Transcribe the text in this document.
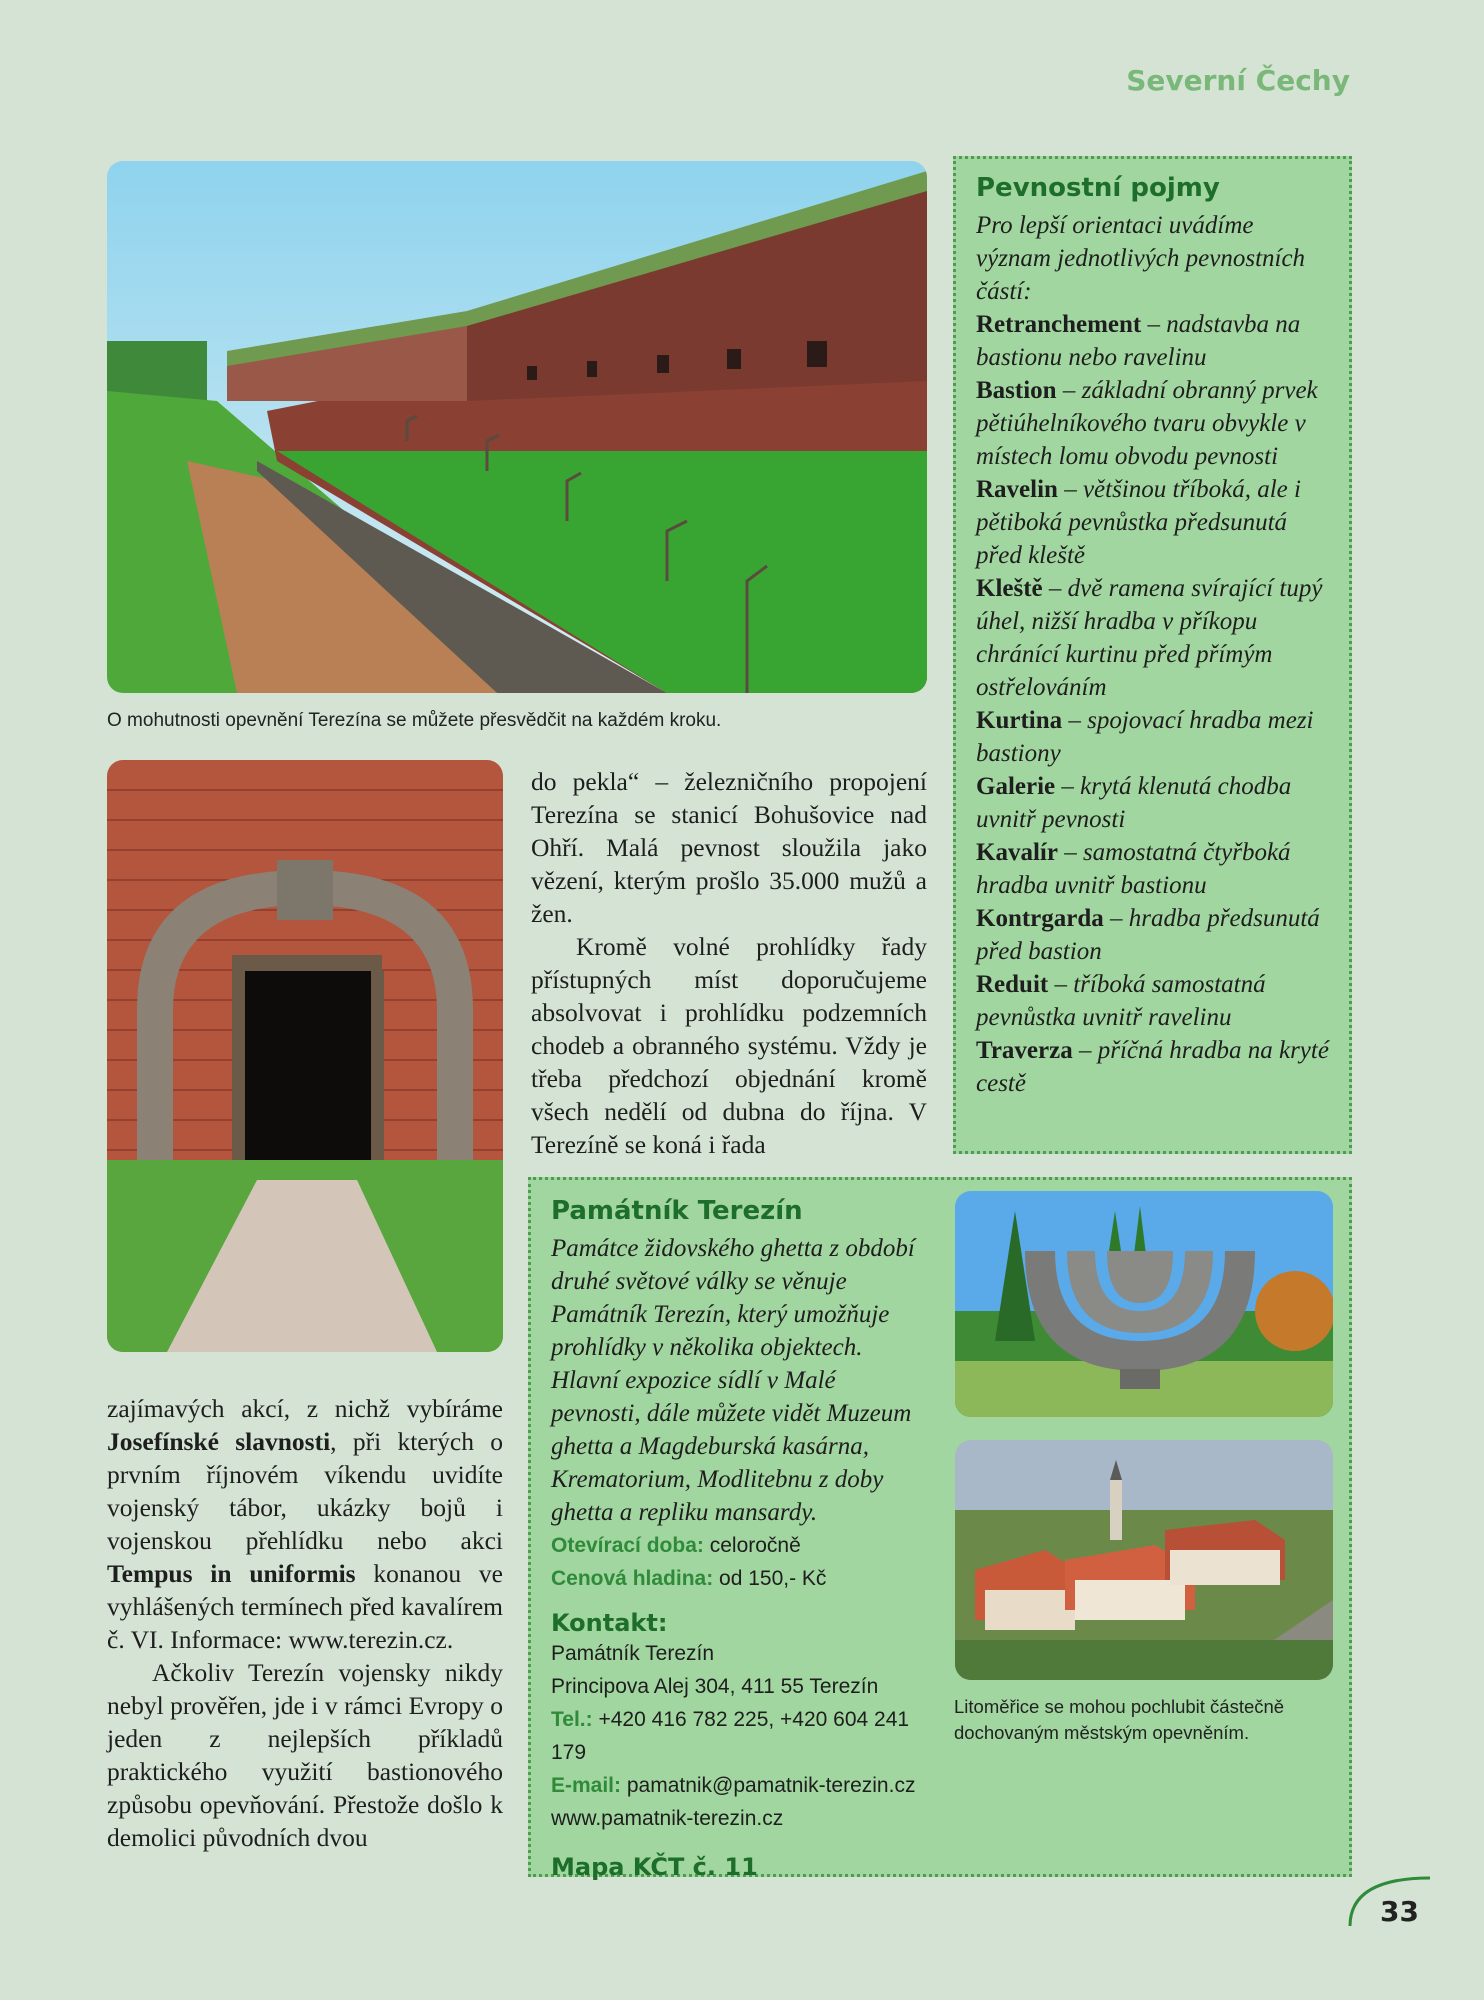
Severní Čechy
O mohutnosti opevnění Terezína se můžete přesvědčit na každém kroku.

do pekla“ – železničního propojení Terezína se stanicí Bohušovice nad Ohří. Malá pevnost sloužila jako vězení, kterým prošlo 35.000 mužů a žen.

Kromě volné prohlídky řady přístupných míst doporučujeme absolvovat i prohlídku podzemních chodeb a obranného systému. Vždy je třeba předchozí objednání kromě všech nedělí od dubna do října. V Terezíně se koná i řada

zajímavých akcí, z nichž vybíráme Josefínské slavnosti, při kterých o prvním říjnovém víkendu uvidíte vojenský tábor, ukázky bojů i vojenskou přehlídku nebo akci Tempus in uniformis konanou ve vyhlášených termínech před kavalírem č. VI. Informace: www.terezin.cz.

Ačkoliv Terezín vojensky nikdy nebyl prověřen, jde i v rámci Evropy o jeden z nejlepších příkladů praktického využití bastionového způsobu opevňování. Přestože došlo k demolici původních dvou

Pevnostní pojmy
Pro lepší orientaci uvádíme význam jednotlivých pevnostních částí:
Retranchement – nadstavba na bastionu nebo ravelinu
Bastion – základní obranný prvek pětiúhelníkového tvaru obvykle v místech lomu obvodu pevnosti
Ravelin – většinou tříboká, ale i pětiboká pevnůstka předsunutá před kleště
Kleště – dvě ramena svírající tupý úhel, nižší hradba v příkopu chránící kurtinu před přímým ostřelováním
Kurtina – spojovací hradba mezi bastiony
Galerie – krytá klenutá chodba uvnitř pevnosti
Kavalír – samostatná čtyřboká hradba uvnitř bastionu
Kontrgarda – hradba předsunutá před bastion
Reduit – tříboká samostatná pevnůstka uvnitř ravelinu
Traverza – příčná hradba na kryté cestě
Památník Terezín
Památce židovského ghetta z období druhé světové války se věnuje Památník Terezín, který umožňuje prohlídky v několika objektech. Hlavní expozice sídlí v Malé pevnosti, dále můžete vidět Muzeum ghetta a Magdeburská kasárna, Krematorium, Modlitebnu z doby ghetta a repliku mansardy.
Otevírací doba: celoročně
Cenová hladina: od 150,- Kč
Kontakt:
Památník Terezín
Principova Alej 304, 411 55 Terezín
Tel.: +420 416 782 225, +420 604 241 179
E-mail: pamatnik@pamatnik-terezin.cz
www.pamatnik-terezin.cz
Mapa KČT č. 11
Litoměřice se mohou pochlubit částečně dochovaným městským opevněním.
33
